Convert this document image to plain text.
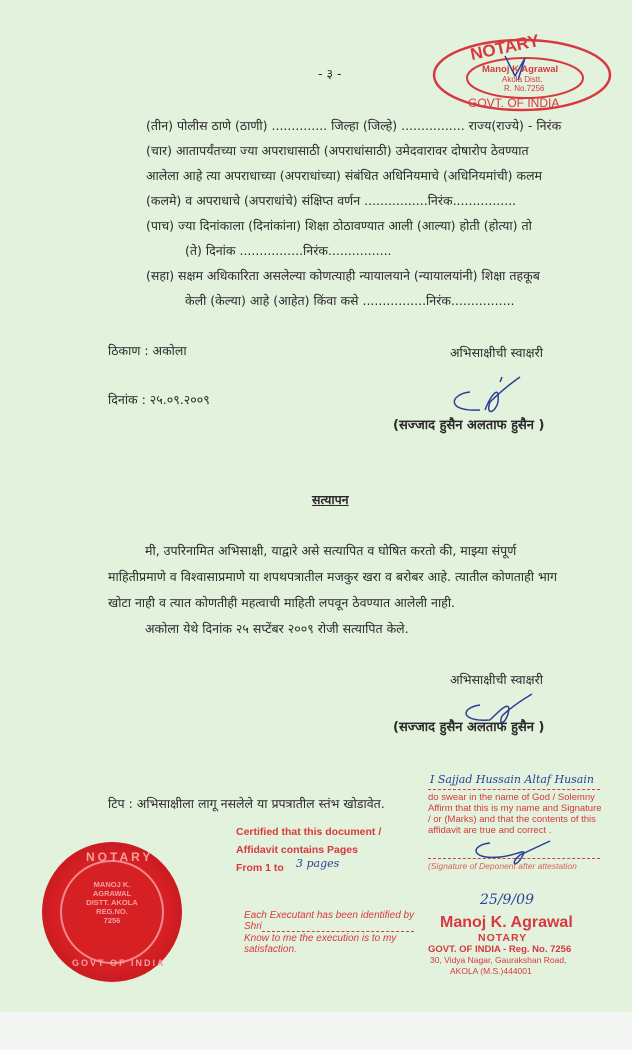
- ३ -
NOTARY
Manoj K Agrawal
Akola Distt.
R. No.7256
GOVT. OF INDIA
(तीन) पोलीस ठाणे (ठाणी) .............. जिल्हा (जिल्हे) ................ राज्य(राज्ये) - निरंक
(चार) आतापर्यंतच्या ज्या अपराधासाठी (अपराधांसाठी) उमेदवारावर दोषारोप ठेवण्यात
आलेला आहे त्या अपराधाच्या (अपराधांच्या) संबंधित अधिनियमाचे (अधिनियमांची) कलम
(कलमे) व अपराधाचे (अपराधांचे) संक्षिप्त वर्णन ................निरंक................
(पाच) ज्या दिनांकाला (दिनांकांना) शिक्षा ठोठावण्यात आली (आल्या) होती (होत्या) तो
(ते) दिनांक ................निरंक................
(सहा) सक्षम अधिकारिता असलेल्या कोणत्याही न्यायालयाने (न्यायालयांनी) शिक्षा तहकूब
केली (केल्या) आहे (आहेत) किंवा कसे ................निरंक................
ठिकाण : अकोला	अभिसाक्षीची स्वाक्षरी
दिनांक : २५.०९.२००९
(सज्जाद हुसैन अलताफ हुसैन )
सत्यापन
मी, उपरिनामित अभिसाक्षी, याद्वारे असे सत्यापित व घोषित करतो की, माझ्या संपूर्ण
माहितीप्रमाणे व विश्वासाप्रमाणे या शपथपत्रातील मजकुर खरा व बरोबर आहे. त्यातील कोणताही भाग
खोटा नाही व त्यात कोणतीही महत्वाची माहिती लपवून ठेवण्यात आलेली नाही.
अकोला येथे दिनांक २५ सप्टेंबर २००९ रोजी सत्यापित केले.
अभिसाक्षीची स्वाक्षरी
(सज्जाद हुसैन अलताफ हुसैन )
टिप : अभिसाक्षीला लागू नसलेले या प्रपत्रातील स्तंभ खोडावेत.
I Sajjad Hussain Altaf Husain
do swear in the name of God / Solemny
Affirm that this is my name and Signature
/ or (Marks) and that the contents of this
affidavit are true and correct .
(Signature of Deponent after attestation
25/9/09
Manoj K. Agrawal
NOTARY
GOVT. OF INDIA - Reg. No. 7256
30, Vidya Nagar, Gaurakshan Road,
AKOLA (M.S.)444001
Certified that this document /
Affidavit contains Pages
From 1 to 3 pages
Each Executant has been identified by
Shri
Know to me the execution is to my
satisfaction.
NOTARY
MANOJ K.
AGRAWAL
DISTT. AKOLA
REG.NO.
7256
GOVT OF INDIA
